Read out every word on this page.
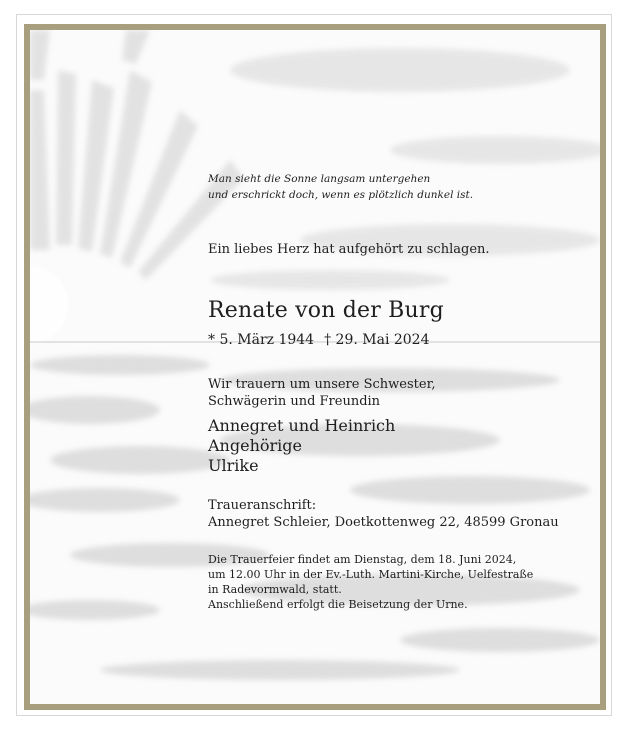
Man sieht die Sonne langsam untergehen
und erschrickt doch, wenn es plötzlich dunkel ist.
Ein liebes Herz hat aufgehört zu schlagen.
Renate von der Burg
* 5. März 1944 † 29. Mai 2024
Wir trauern um unsere Schwester,
Schwägerin und Freundin
Annegret und Heinrich
Angehörige
Ulrike
Traueranschrift:
Annegret Schleier, Doetkottenweg 22, 48599 Gronau
Die Trauerfeier findet am Dienstag, dem 18. Juni 2024,
um 12.00 Uhr in der Ev.-Luth. Martini-Kirche, Uelfestraße
in Radevormwald, statt.
Anschließend erfolgt die Beisetzung der Urne.
